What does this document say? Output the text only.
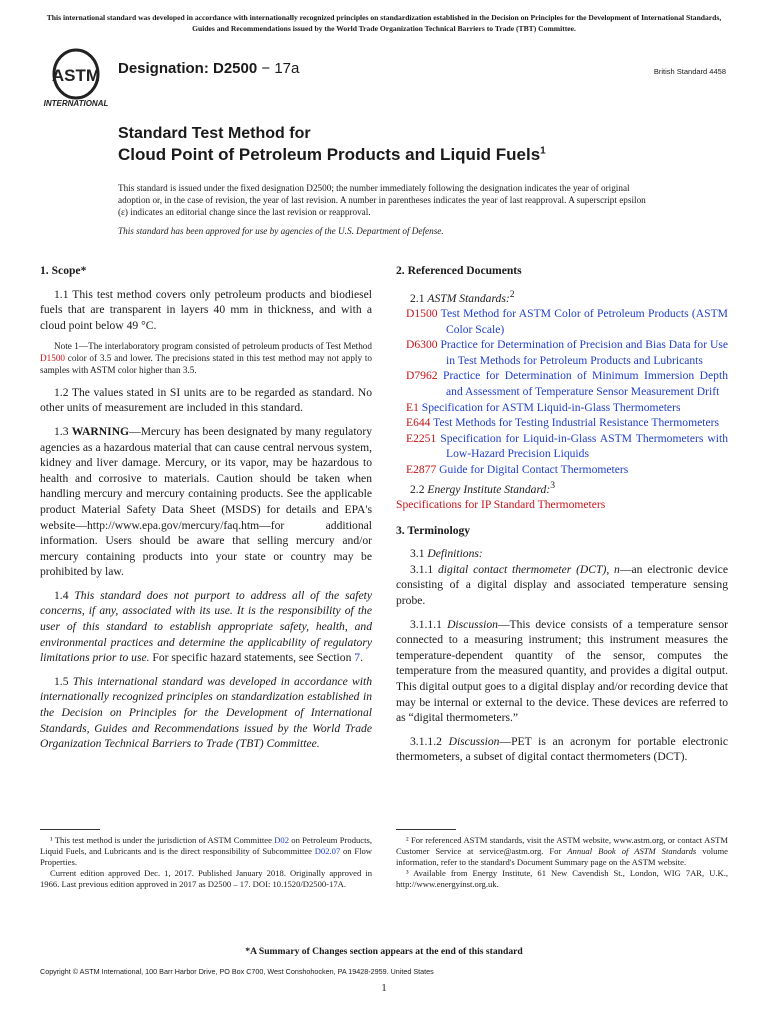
This international standard was developed in accordance with internationally recognized principles on standardization established in the Decision on Principles for the Development of International Standards, Guides and Recommendations issued by the World Trade Organization Technical Barriers to Trade (TBT) Committee.
ASTM
INTERNATIONAL
Designation: D2500 − 17a	British Standard 4458
Standard Test Method for
Cloud Point of Petroleum Products and Liquid Fuels$^1$
This standard is issued under the fixed designation D2500; the number immediately following the designation indicates the year of original adoption or, in the case of revision, the year of last revision. A number in parentheses indicates the year of last reapproval. A superscript epsilon (ε) indicates an editorial change since the last revision or reapproval.
This standard has been approved for use by agencies of the U.S. Department of Defense.
1. Scope*

1.1 This test method covers only petroleum products and biodiesel fuels that are transparent in layers 40 mm in thickness, and with a cloud point below 49 °C.

Note 1—The interlaboratory program consisted of petroleum products of Test Method D1500 color of 3.5 and lower. The precisions stated in this test method may not apply to samples with ASTM color higher than 3.5.

1.2 The values stated in SI units are to be regarded as standard. No other units of measurement are included in this standard.

1.3 WARNING—Mercury has been designated by many regulatory agencies as a hazardous material that can cause central nervous system, kidney and liver damage. Mercury, or its vapor, may be hazardous to health and corrosive to materials. Caution should be taken when handling mercury and mercury containing products. See the applicable product Material Safety Data Sheet (MSDS) for details and EPA's website—http://www.epa.gov/mercury/faq.htm—for additional information. Users should be aware that selling mercury and/or mercury containing products into your state or country may be prohibited by law.

1.4 This standard does not purport to address all of the safety concerns, if any, associated with its use. It is the responsibility of the user of this standard to establish appropriate safety, health, and environmental practices and determine the applicability of regulatory limitations prior to use. For specific hazard statements, see Section 7.

1.5 This international standard was developed in accordance with internationally recognized principles on standardization established in the Decision on Principles for the Development of International Standards, Guides and Recommendations issued by the World Trade Organization Technical Barriers to Trade (TBT) Committee.

2. Referenced Documents

2.1 ASTM Standards:$^2$

D1500 Test Method for ASTM Color of Petroleum Products (ASTM Color Scale)
D6300 Practice for Determination of Precision and Bias Data for Use in Test Methods for Petroleum Products and Lubricants
D7962 Practice for Determination of Minimum Immersion Depth and Assessment of Temperature Sensor Measurement Drift
E1 Specification for ASTM Liquid-in-Glass Thermometers
E644 Test Methods for Testing Industrial Resistance Thermometers
E2251 Specification for Liquid-in-Glass ASTM Thermometers with Low-Hazard Precision Liquids
E2877 Guide for Digital Contact Thermometers

2.2 Energy Institute Standard:$^3$

Specifications for IP Standard Thermometers
3. Terminology

3.1 Definitions:

3.1.1 digital contact thermometer (DCT), n—an electronic device consisting of a digital display and associated temperature sensing probe.

3.1.1.1 Discussion—This device consists of a temperature sensor connected to a measuring instrument; this instrument measures the temperature-dependent quantity of the sensor, computes the temperature from the measured quantity, and provides a digital output. This digital output goes to a digital display and/or recording device that may be internal or external to the device. These devices are referred to as “digital thermometers.”

3.1.1.2 Discussion—PET is an acronym for portable electronic thermometers, a subset of digital contact thermometers (DCT).

¹ This test method is under the jurisdiction of ASTM Committee D02 on Petroleum Products, Liquid Fuels, and Lubricants and is the direct responsibility of Subcommittee D02.07 on Flow Properties.
Current edition approved Dec. 1, 2017. Published January 2018. Originally approved in 1966. Last previous edition approved in 2017 as D2500 – 17. DOI: 10.1520/D2500-17A.
² For referenced ASTM standards, visit the ASTM website, www.astm.org, or contact ASTM Customer Service at service@astm.org. For Annual Book of ASTM Standards volume information, refer to the standard's Document Summary page on the ASTM website.
³ Available from Energy Institute, 61 New Cavendish St., London, WIG 7AR, U.K., http://www.energyinst.org.uk.
*A Summary of Changes section appears at the end of this standard
Copyright © ASTM International, 100 Barr Harbor Drive, PO Box C700, West Conshohocken, PA 19428-2959. United States
1
